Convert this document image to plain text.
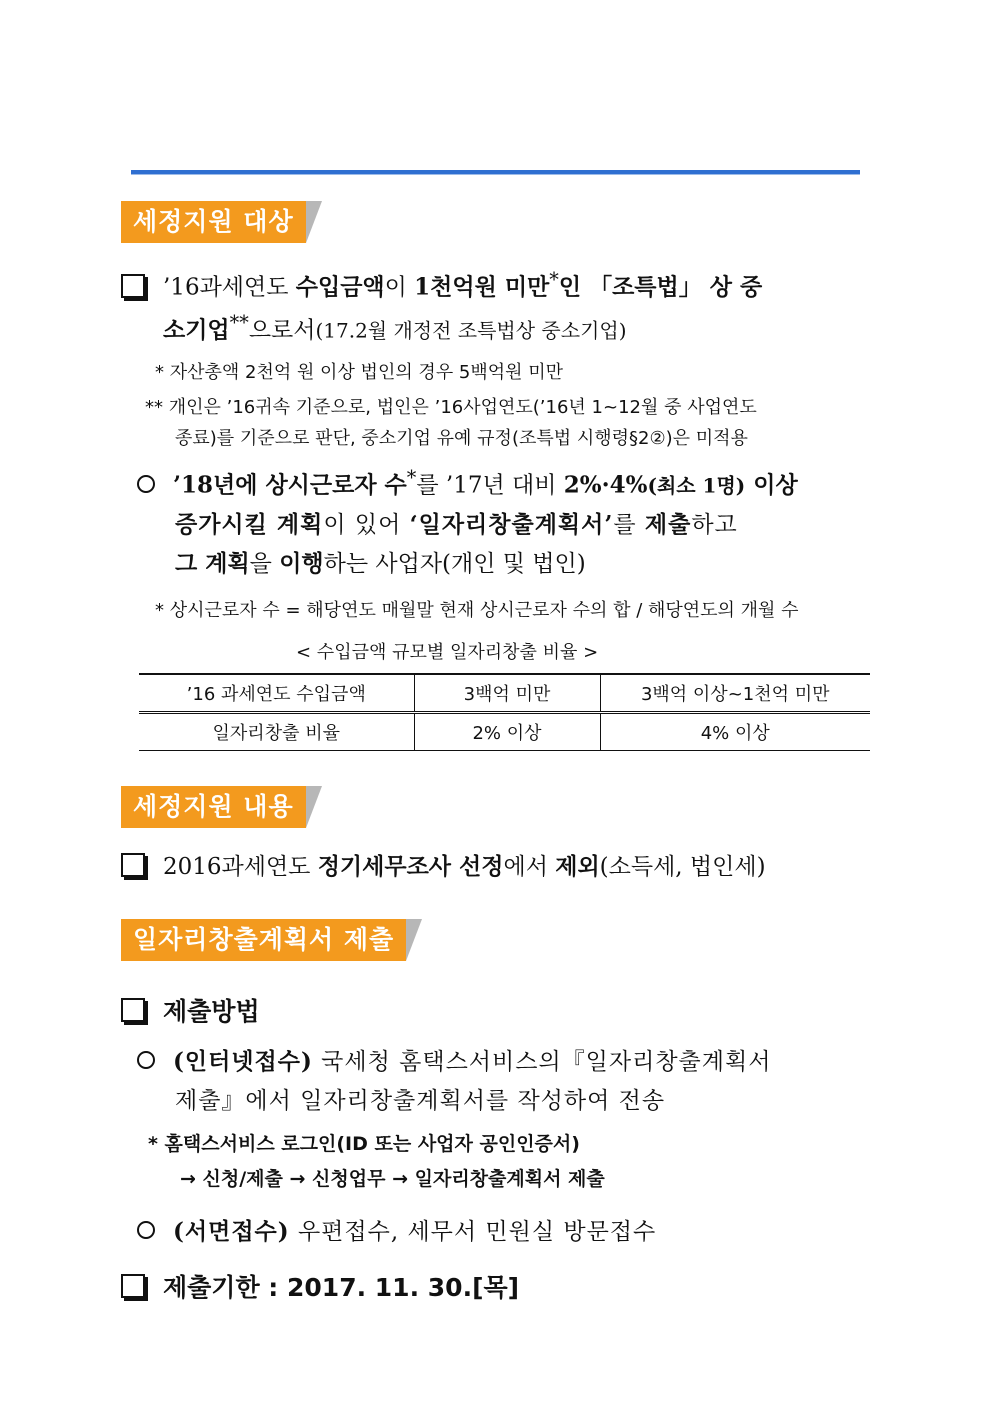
세정지원 대상
’16과세연도 수입금액이 1천억원 미만*인 「조특법」 상 중
소기업**으로서(17.2월 개정전 조특법상 중소기업)
* 자산총액 2천억 원 이상 법인의 경우 5백억원 미만
** 개인은 ’16귀속 기준으로, 법인은 ’16사업연도(’16년 1~12월 중 사업연도
종료)를 기준으로 판단, 중소기업 유예 규정(조특법 시행령§2②)은 미적용
’18년에 상시근로자 수*를 ’17년 대비 2%·4%(최소 1명) 이상
증가시킬 계획이 있어 ‘일자리창출계획서’를 제출하고
그 계획을 이행하는 사업자(개인 및 법인)
* 상시근로자 수 = 해당연도 매월말 현재 상시근로자 수의 합 / 해당연도의 개월 수
< 수입금액 규모별 일자리창출 비율 >
’16 과세연도 수입금액	3백억 미만	3백억 이상~1천억 미만
일자리창출 비율	2% 이상	4% 이상
세정지원 내용
2016과세연도 정기세무조사 선정에서 제외(소득세, 법인세)
일자리창출계획서 제출
제출방법
(인터넷접수) 국세청 홈택스서비스의『일자리창출계획서
제출』에서 일자리창출계획서를 작성하여 전송
* 홈택스서비스 로그인(ID 또는 사업자 공인인증서)
→ 신청/제출 → 신청업무 → 일자리창출계획서 제출
(서면접수) 우편접수, 세무서 민원실 방문접수
제출기한 : 2017. 11. 30.[목]
